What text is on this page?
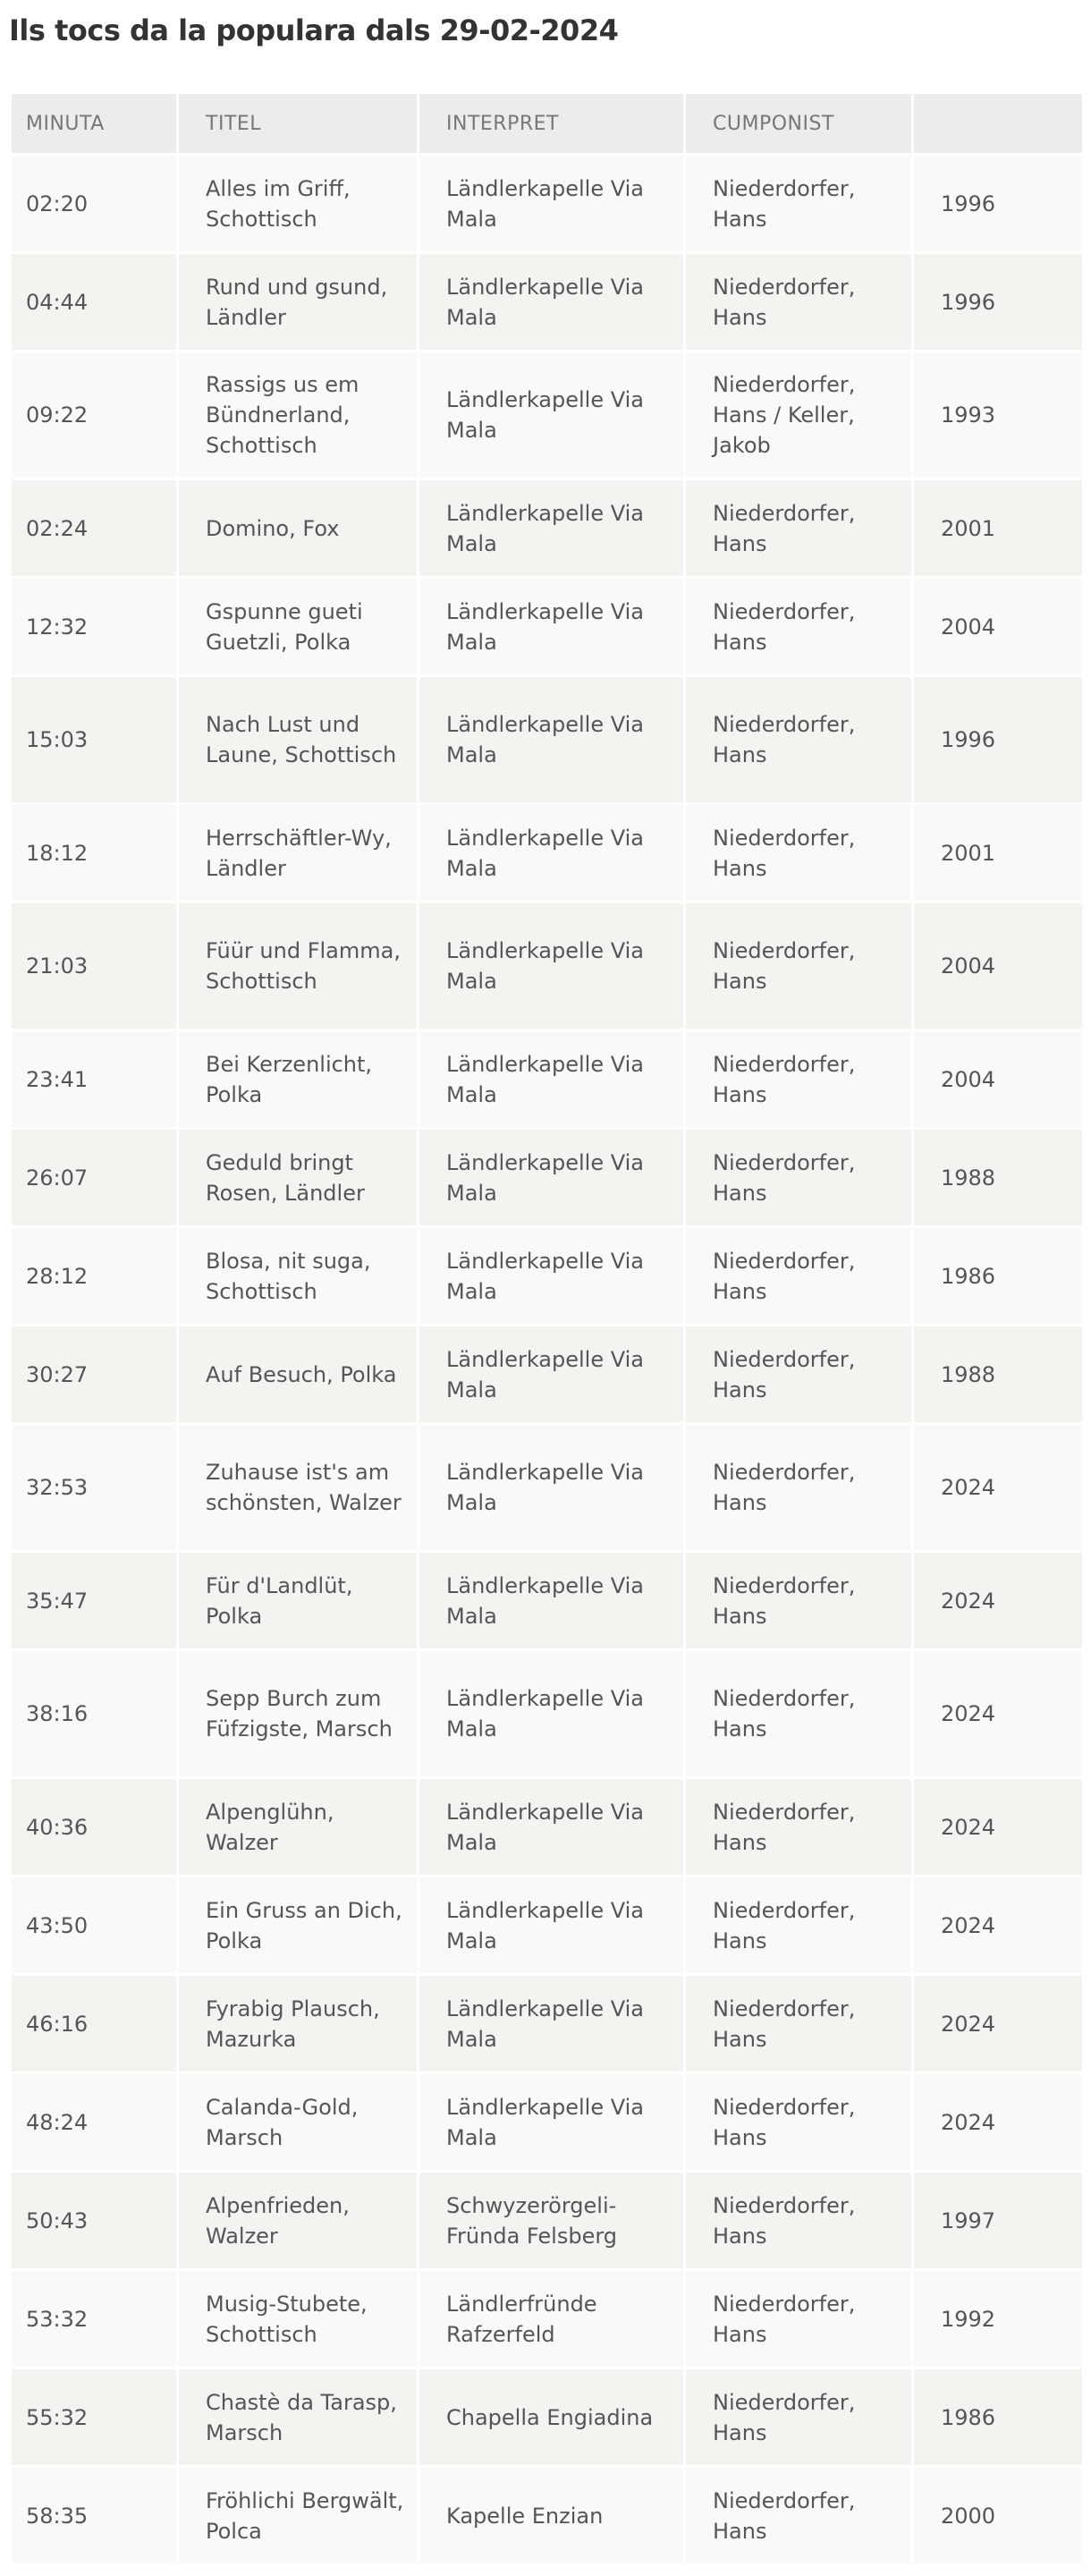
Ils tocs da la populara dals 29-02-2024
MINUTA	TITEL	INTERPRET	CUMPONIST	
02:20	Alles im Griff, Schottisch	Ländlerkapelle Via Mala	Niederdorfer, Hans	1996
04:44	Rund und gsund, Ländler	Ländlerkapelle Via Mala	Niederdorfer, Hans	1996
09:22	Rassigs us em Bündnerland, Schottisch	Ländlerkapelle Via Mala	Niederdorfer, Hans / Keller, Jakob	1993
02:24	Domino, Fox	Ländlerkapelle Via Mala	Niederdorfer, Hans	2001
12:32	Gspunne gueti Guetzli, Polka	Ländlerkapelle Via Mala	Niederdorfer, Hans	2004
15:03	Nach Lust und Laune, Schottisch	Ländlerkapelle Via Mala	Niederdorfer, Hans	1996
18:12	Herrschäftler-Wy, Ländler	Ländlerkapelle Via Mala	Niederdorfer, Hans	2001
21:03	Füür und Flamma, Schottisch	Ländlerkapelle Via Mala	Niederdorfer, Hans	2004
23:41	Bei Kerzenlicht, Polka	Ländlerkapelle Via Mala	Niederdorfer, Hans	2004
26:07	Geduld bringt Rosen, Ländler	Ländlerkapelle Via Mala	Niederdorfer, Hans	1988
28:12	Blosa, nit suga, Schottisch	Ländlerkapelle Via Mala	Niederdorfer, Hans	1986
30:27	Auf Besuch, Polka	Ländlerkapelle Via Mala	Niederdorfer, Hans	1988
32:53	Zuhause ist's am schönsten, Walzer	Ländlerkapelle Via Mala	Niederdorfer, Hans	2024
35:47	Für d'Landlüt, Polka	Ländlerkapelle Via Mala	Niederdorfer, Hans	2024
38:16	Sepp Burch zum Füfzigste, Marsch	Ländlerkapelle Via Mala	Niederdorfer, Hans	2024
40:36	Alpenglühn, Walzer	Ländlerkapelle Via Mala	Niederdorfer, Hans	2024
43:50	Ein Gruss an Dich, Polka	Ländlerkapelle Via Mala	Niederdorfer, Hans	2024
46:16	Fyrabig Plausch, Mazurka	Ländlerkapelle Via Mala	Niederdorfer, Hans	2024
48:24	Calanda-Gold, Marsch	Ländlerkapelle Via Mala	Niederdorfer, Hans	2024
50:43	Alpenfrieden, Walzer	Schwyzerörgeli-Fründa Felsberg	Niederdorfer, Hans	1997
53:32	Musig-Stubete, Schottisch	Ländlerfründe Rafzerfeld	Niederdorfer, Hans	1992
55:32	Chastè da Tarasp, Marsch	Chapella Engiadina	Niederdorfer, Hans	1986
58:35	Fröhlichi Bergwält, Polca	Kapelle Enzian	Niederdorfer, Hans	2000
